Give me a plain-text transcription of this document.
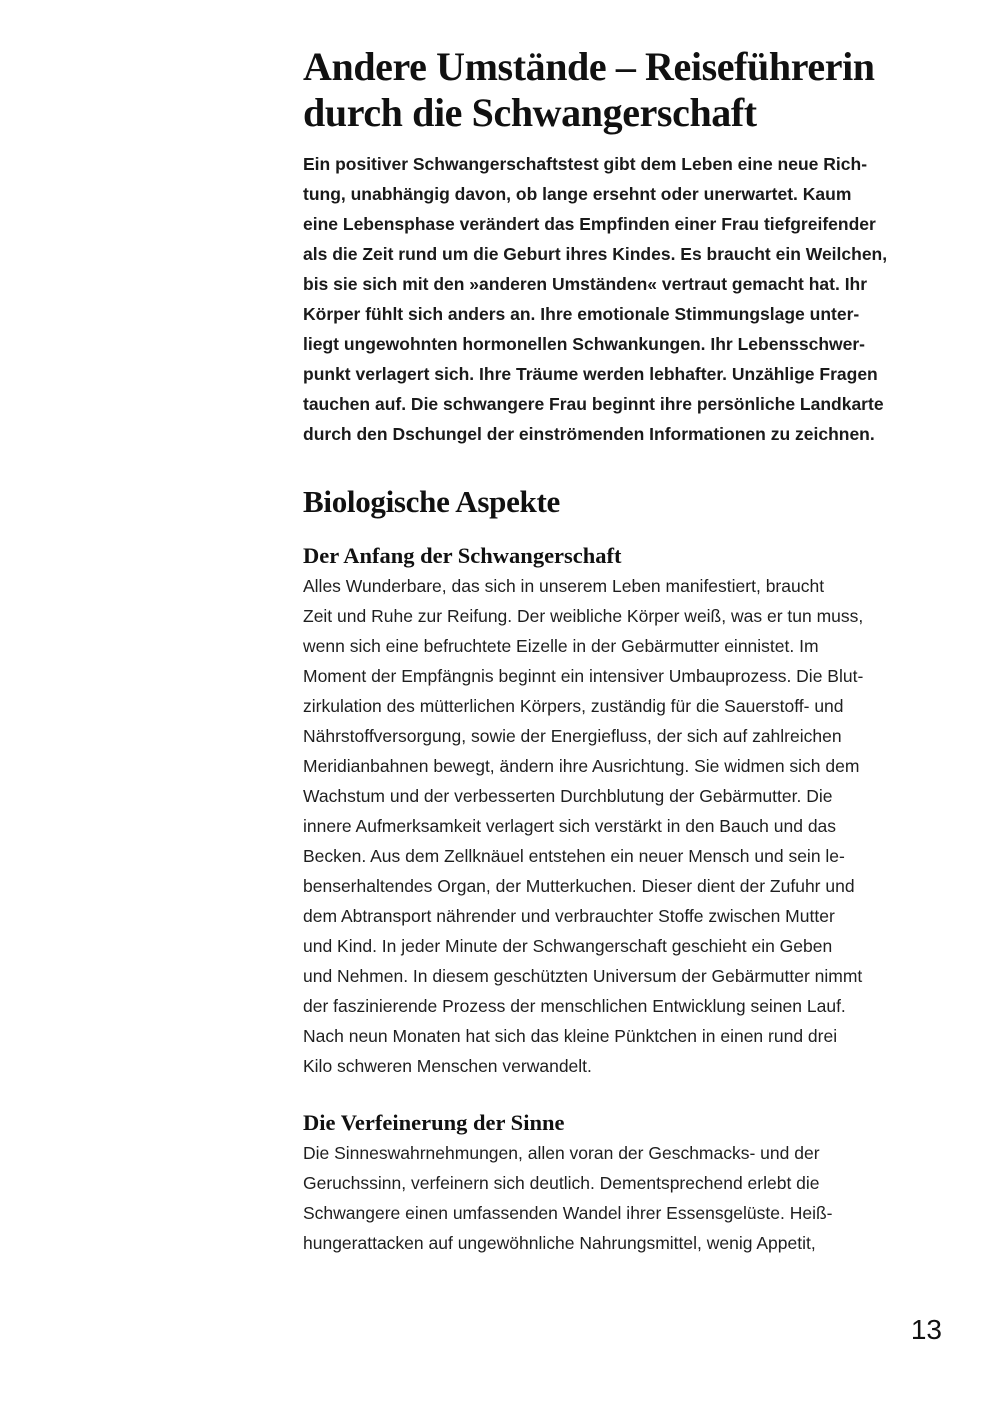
Andere Umstände – Reiseführerin
durch die Schwangerschaft

Ein positiver Schwangerschaftstest gibt dem Leben eine neue Rich-
tung, unabhängig davon, ob lange ersehnt oder unerwartet. Kaum
eine Lebensphase verändert das Empfinden einer Frau tiefgreifender
als die Zeit rund um die Geburt ihres Kindes. Es braucht ein Weilchen,
bis sie sich mit den »anderen Umständen« vertraut gemacht hat. Ihr
Körper fühlt sich anders an. Ihre emotionale Stimmungslage unter-
liegt ungewohnten hormonellen Schwankungen. Ihr Lebensschwer-
punkt verlagert sich. Ihre Träume werden lebhafter. Unzählige Fragen
tauchen auf. Die schwangere Frau beginnt ihre persönliche Landkarte
durch den Dschungel der einströmenden Informationen zu zeichnen.

Biologische Aspekte
Der Anfang der Schwangerschaft

Alles Wunderbare, das sich in unserem Leben manifestiert, braucht
Zeit und Ruhe zur Reifung. Der weibliche Körper weiß, was er tun muss,
wenn sich eine befruchtete Eizelle in der Gebärmutter einnistet. Im
Moment der Empfängnis beginnt ein intensiver Umbauprozess. Die Blut-
zirkulation des mütterlichen Körpers, zuständig für die Sauerstoff- und
Nährstoffversorgung, sowie der Energiefluss, der sich auf zahlreichen
Meridianbahnen bewegt, ändern ihre Ausrichtung. Sie widmen sich dem
Wachstum und der verbesserten Durchblutung der Gebärmutter. Die
innere Aufmerksamkeit verlagert sich verstärkt in den Bauch und das
Becken. Aus dem Zellknäuel entstehen ein neuer Mensch und sein le-
benserhaltendes Organ, der Mutterkuchen. Dieser dient der Zufuhr und
dem Abtransport nährender und verbrauchter Stoffe zwischen Mutter
und Kind. In jeder Minute der Schwangerschaft geschieht ein Geben
und Nehmen. In diesem geschützten Universum der Gebärmutter nimmt
der faszinierende Prozess der menschlichen Entwicklung seinen Lauf.
Nach neun Monaten hat sich das kleine Pünktchen in einen rund drei
Kilo schweren Menschen verwandelt.

Die Verfeinerung der Sinne

Die Sinneswahrnehmungen, allen voran der Geschmacks- und der
Geruchssinn, verfeinern sich deutlich. Dementsprechend erlebt die
Schwangere einen umfassenden Wandel ihrer Essensgelüste. Heiß-
hungerattacken auf ungewöhnliche Nahrungsmittel, wenig Appetit,

13
